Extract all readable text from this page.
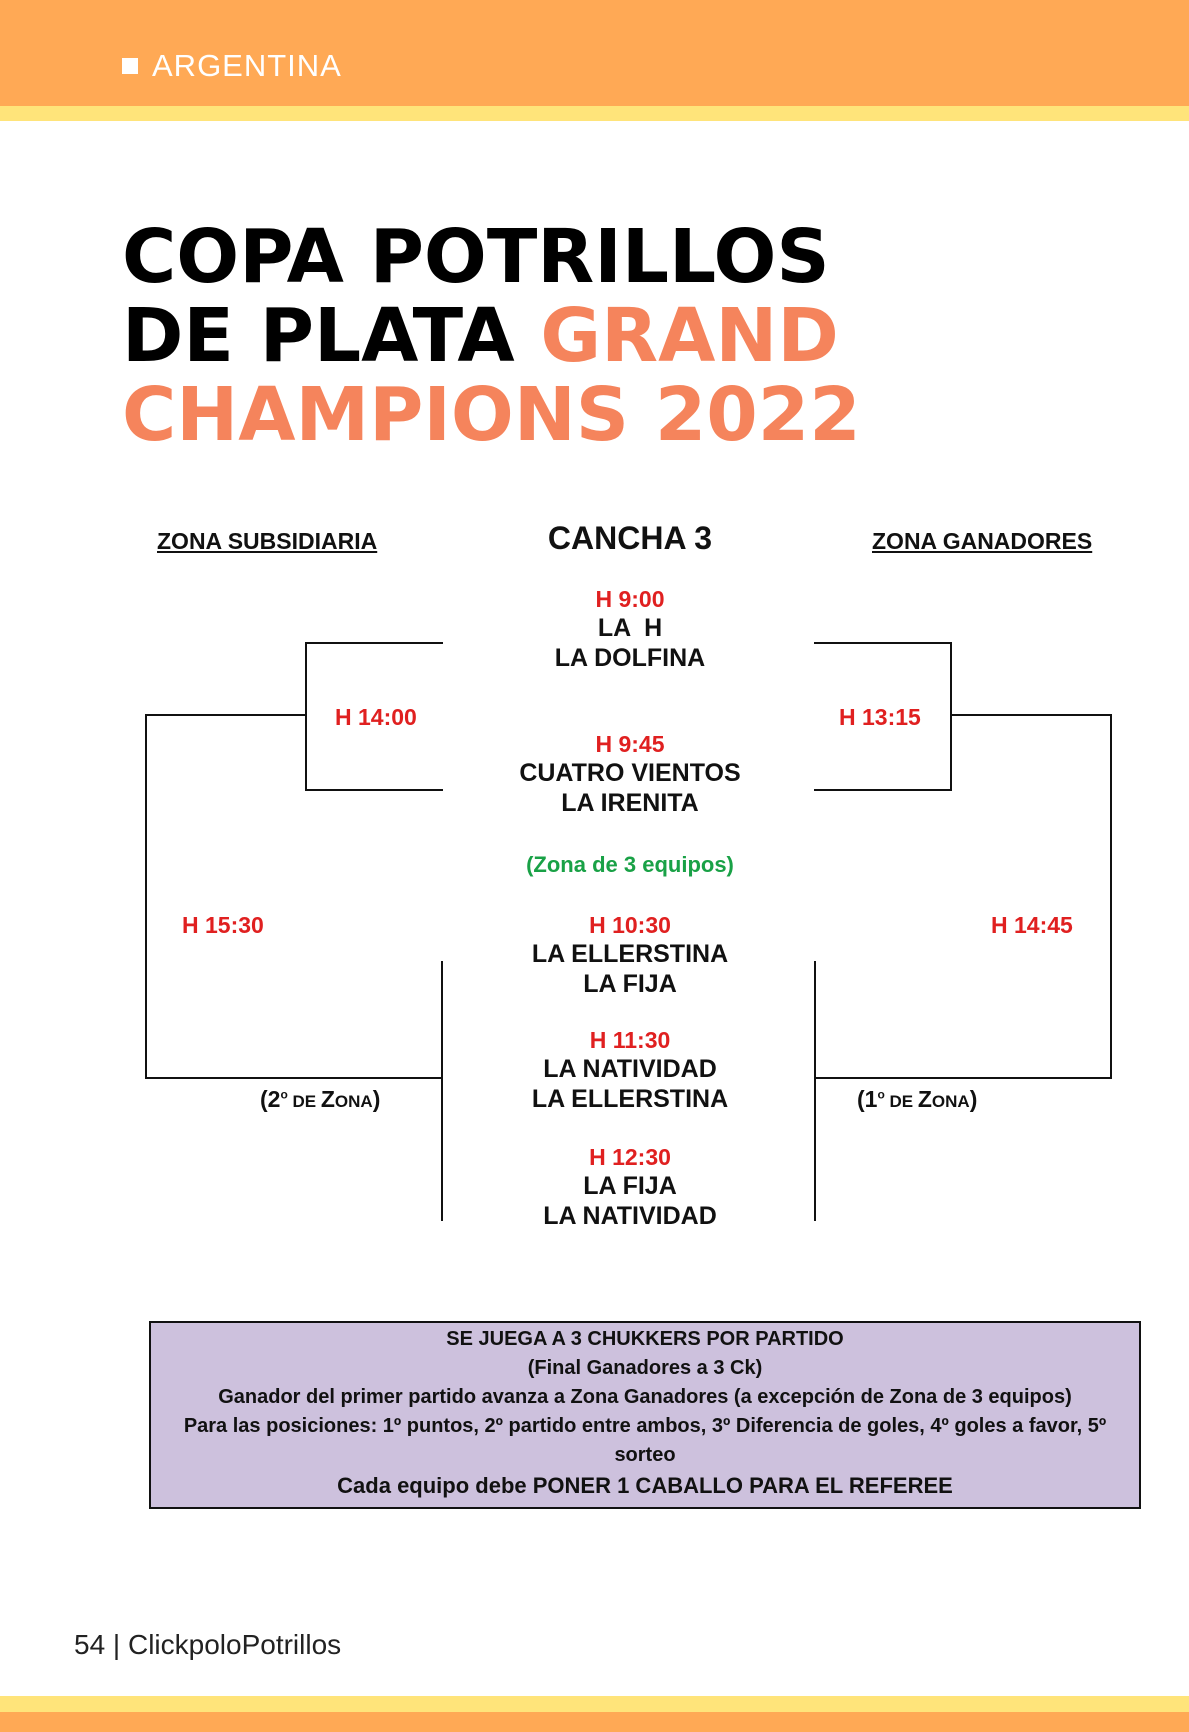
ARGENTINA
COPA POTRILLOS
DE PLATA GRAND
CHAMPIONS 2022
ZONA SUBSIDIARIA	CANCHA 3	ZONA GANADORES
H 9:00
LA  H
LA DOLFINA
H 9:45
CUATRO VIENTOS
LA IRENITA
(Zona de 3 equipos)
H 10:30
LA ELLERSTINA
LA FIJA
H 11:30
LA NATIVIDAD
LA ELLERSTINA
H 12:30
LA FIJA
LA NATIVIDAD
H 14:00
H 15:30
H 13:15
H 14:45
(2$^o$ DE ZONA)	(1$^o$ DE ZONA)
SE JUEGA A 3 CHUKKERS POR PARTIDO
(Final Ganadores a 3 Ck)
Ganador del primer partido avanza a Zona Ganadores (a excepción de Zona de 3 equipos)
Para las posiciones: 1º puntos, 2º partido entre ambos, 3º Diferencia de goles, 4º goles a favor, 5º sorteo
Cada equipo debe PONER 1 CABALLO PARA EL REFEREE
54 | ClickpoloPotrillos
